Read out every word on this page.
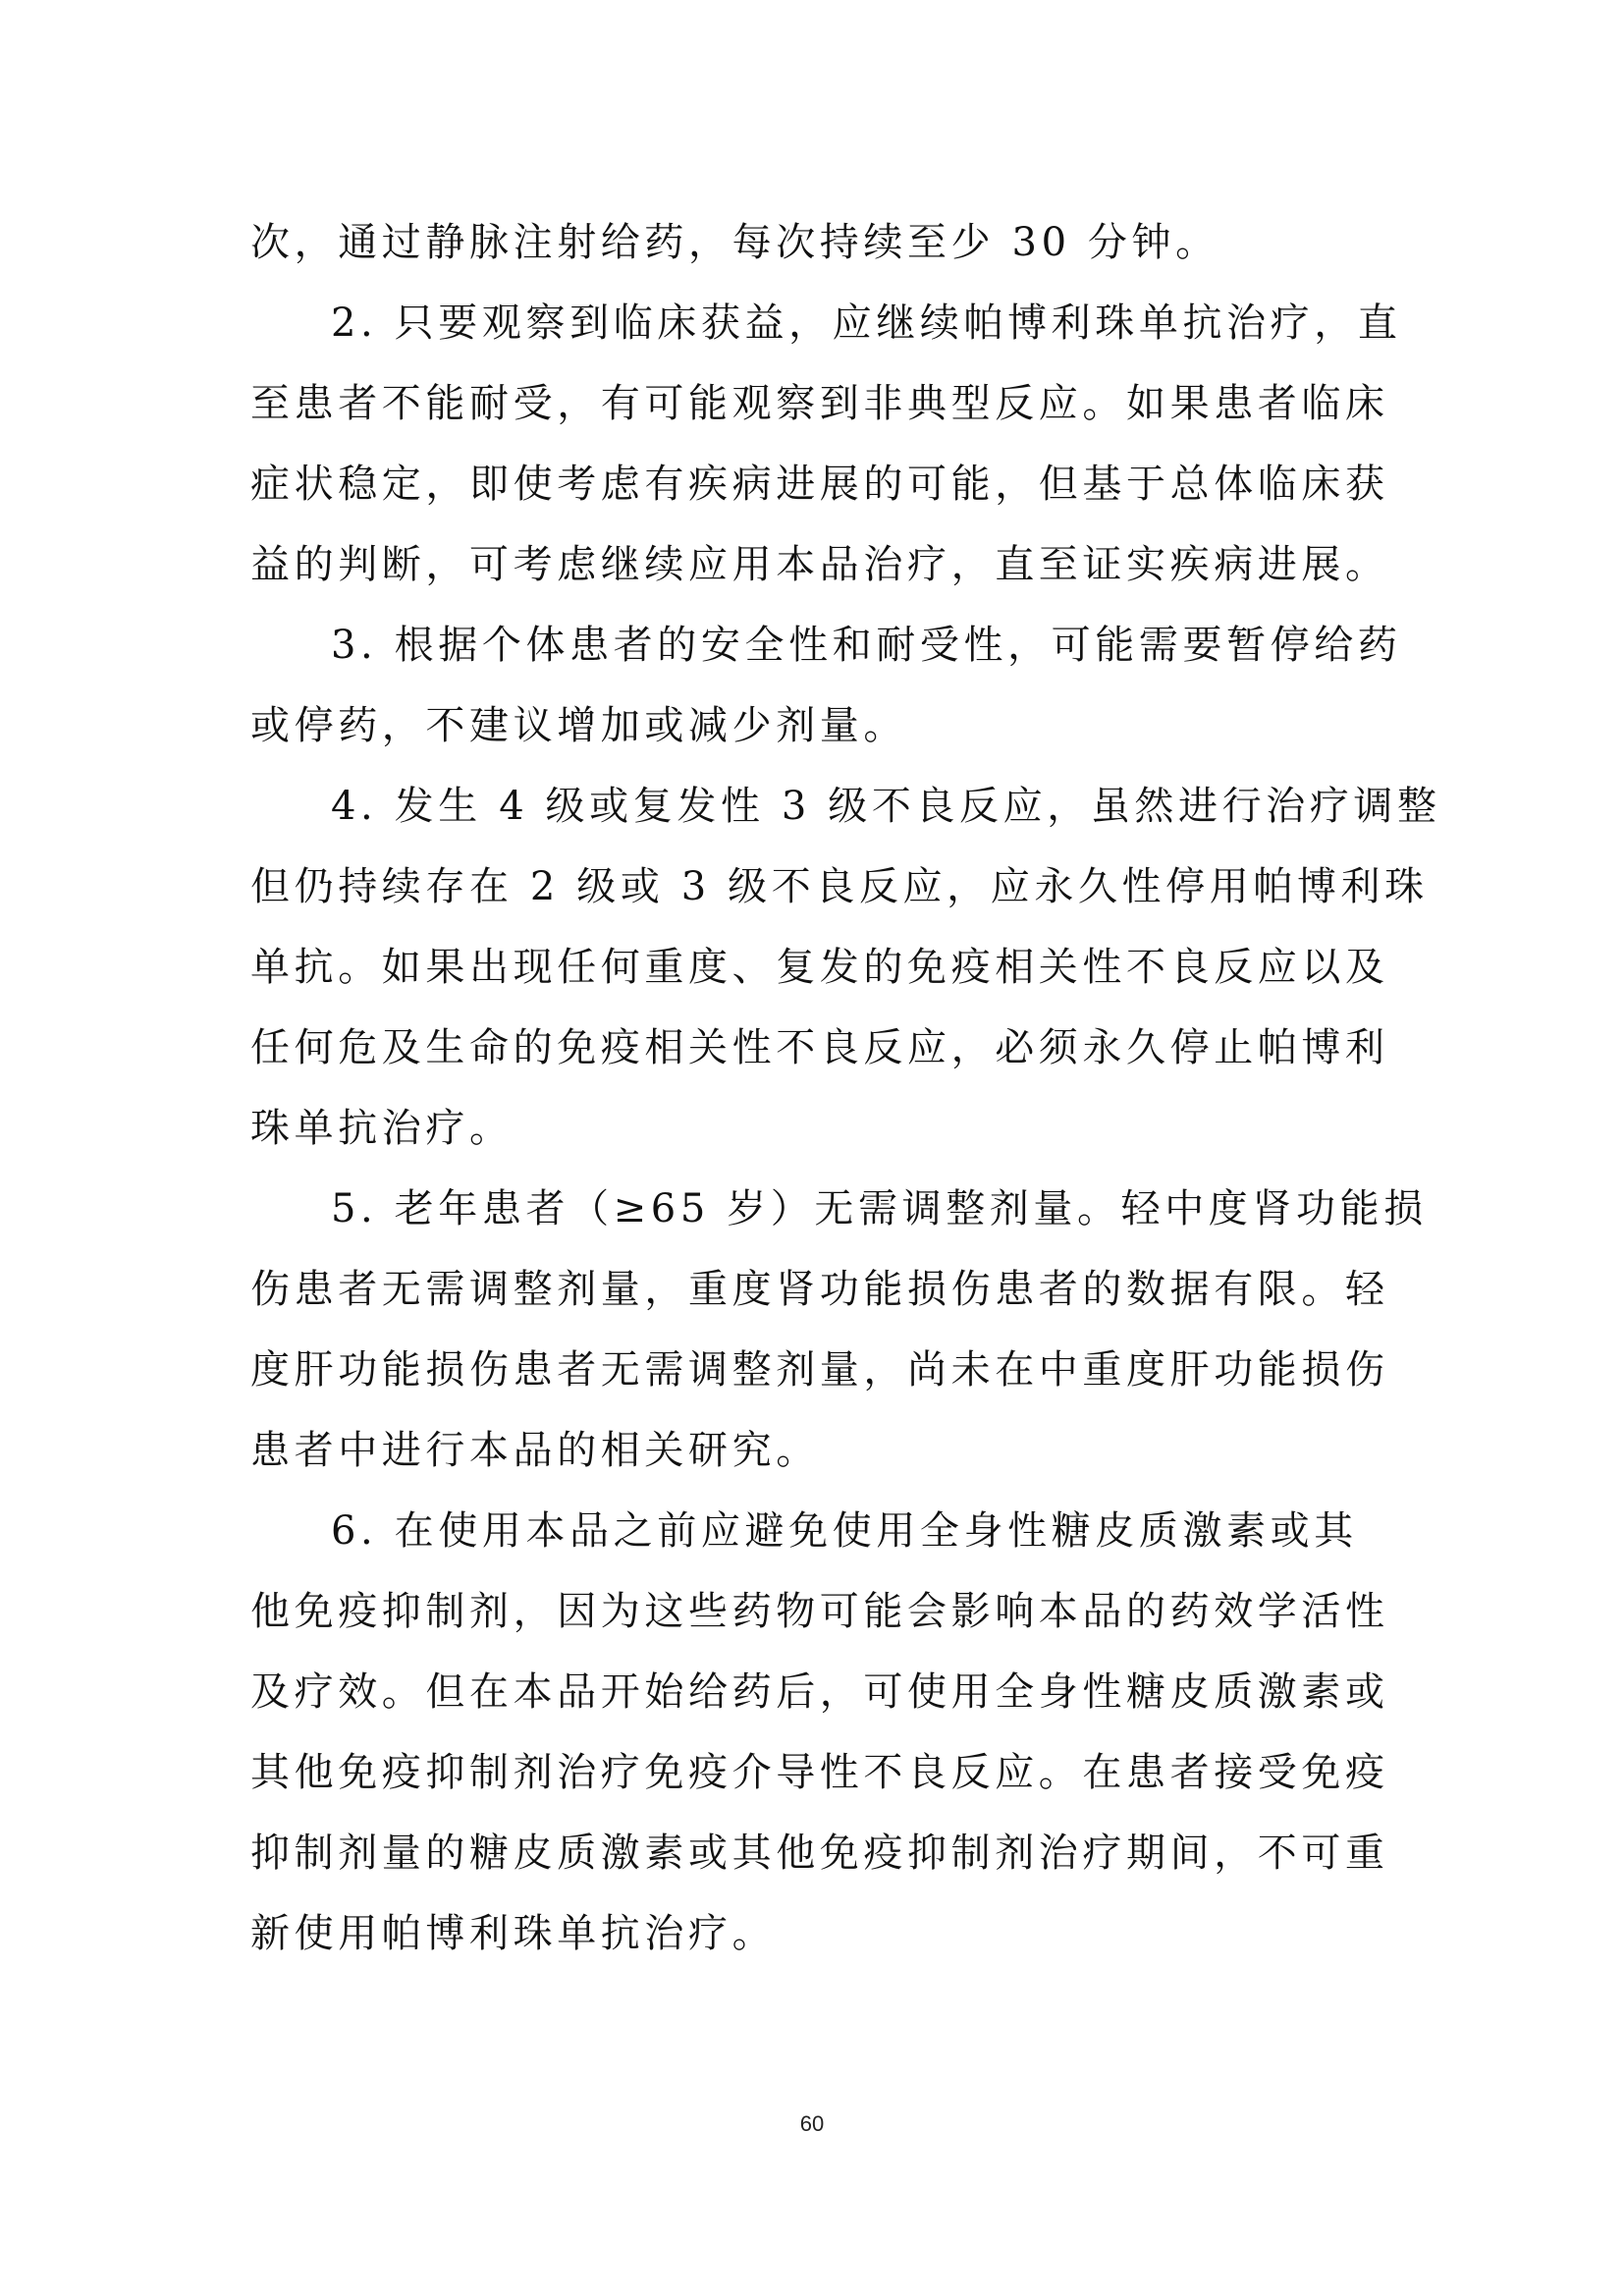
次，通过静脉注射给药，每次持续至少 30 分钟。
2. 只要观察到临床获益，应继续帕博利珠单抗治疗，直
至患者不能耐受，有可能观察到非典型反应。如果患者临床
症状稳定，即使考虑有疾病进展的可能，但基于总体临床获
益的判断，可考虑继续应用本品治疗，直至证实疾病进展。
3. 根据个体患者的安全性和耐受性，可能需要暂停给药
或停药，不建议增加或减少剂量。
4. 发生 4 级或复发性 3 级不良反应，虽然进行治疗调整
但仍持续存在 2 级或 3 级不良反应，应永久性停用帕博利珠
单抗。如果出现任何重度、复发的免疫相关性不良反应以及
任何危及生命的免疫相关性不良反应，必须永久停止帕博利
珠单抗治疗。
5. 老年患者（≥65 岁）无需调整剂量。轻中度肾功能损
伤患者无需调整剂量，重度肾功能损伤患者的数据有限。轻
度肝功能损伤患者无需调整剂量，尚未在中重度肝功能损伤
患者中进行本品的相关研究。
6. 在使用本品之前应避免使用全身性糖皮质激素或其
他免疫抑制剂，因为这些药物可能会影响本品的药效学活性
及疗效。但在本品开始给药后，可使用全身性糖皮质激素或
其他免疫抑制剂治疗免疫介导性不良反应。在患者接受免疫
抑制剂量的糖皮质激素或其他免疫抑制剂治疗期间，不可重
新使用帕博利珠单抗治疗。
60
